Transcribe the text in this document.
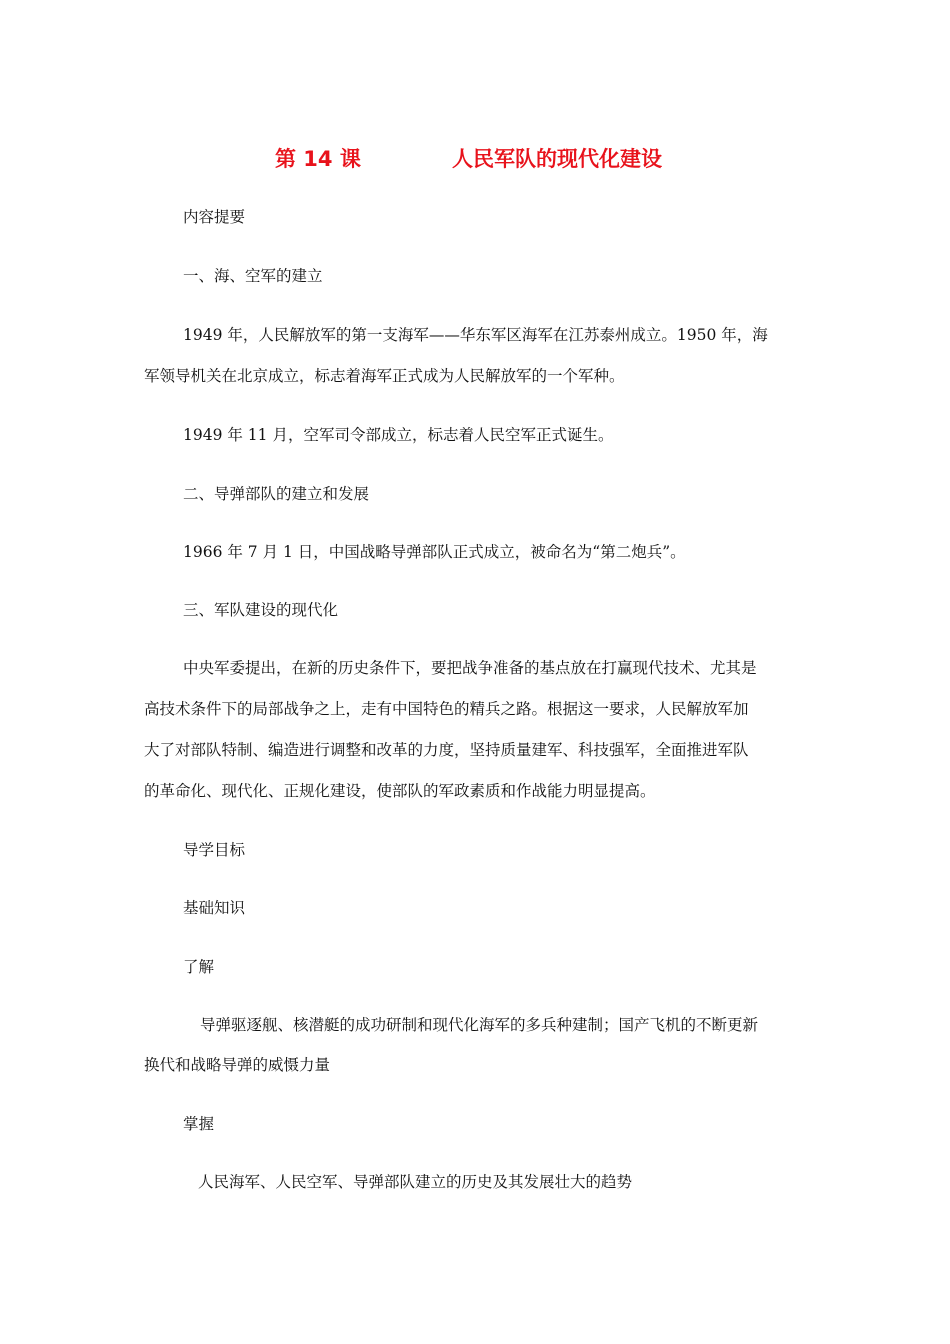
第 14 课	人民军队的现代化建设
内容提要
一、海、空军的建立
1949 年，人民解放军的第一支海军——华东军区海军在江苏泰州成立。1950 年，海
军领导机关在北京成立，标志着海军正式成为人民解放军的一个军种。
1949 年 11 月，空军司令部成立，标志着人民空军正式诞生。
二、导弹部队的建立和发展
1966 年 7 月 1 日，中国战略导弹部队正式成立，被命名为“第二炮兵”。
三、军队建设的现代化
中央军委提出，在新的历史条件下，要把战争准备的基点放在打赢现代技术、尤其是
高技术条件下的局部战争之上，走有中国特色的精兵之路。根据这一要求，人民解放军加
大了对部队特制、编造进行调整和改革的力度，坚持质量建军、科技强军，全面推进军队
的革命化、现代化、正规化建设，使部队的军政素质和作战能力明显提高。
导学目标
基础知识
了解
导弹驱逐舰、核潜艇的成功研制和现代化海军的多兵种建制；国产飞机的不断更新
换代和战略导弹的威慑力量
掌握
人民海军、人民空军、导弹部队建立的历史及其发展壮大的趋势
